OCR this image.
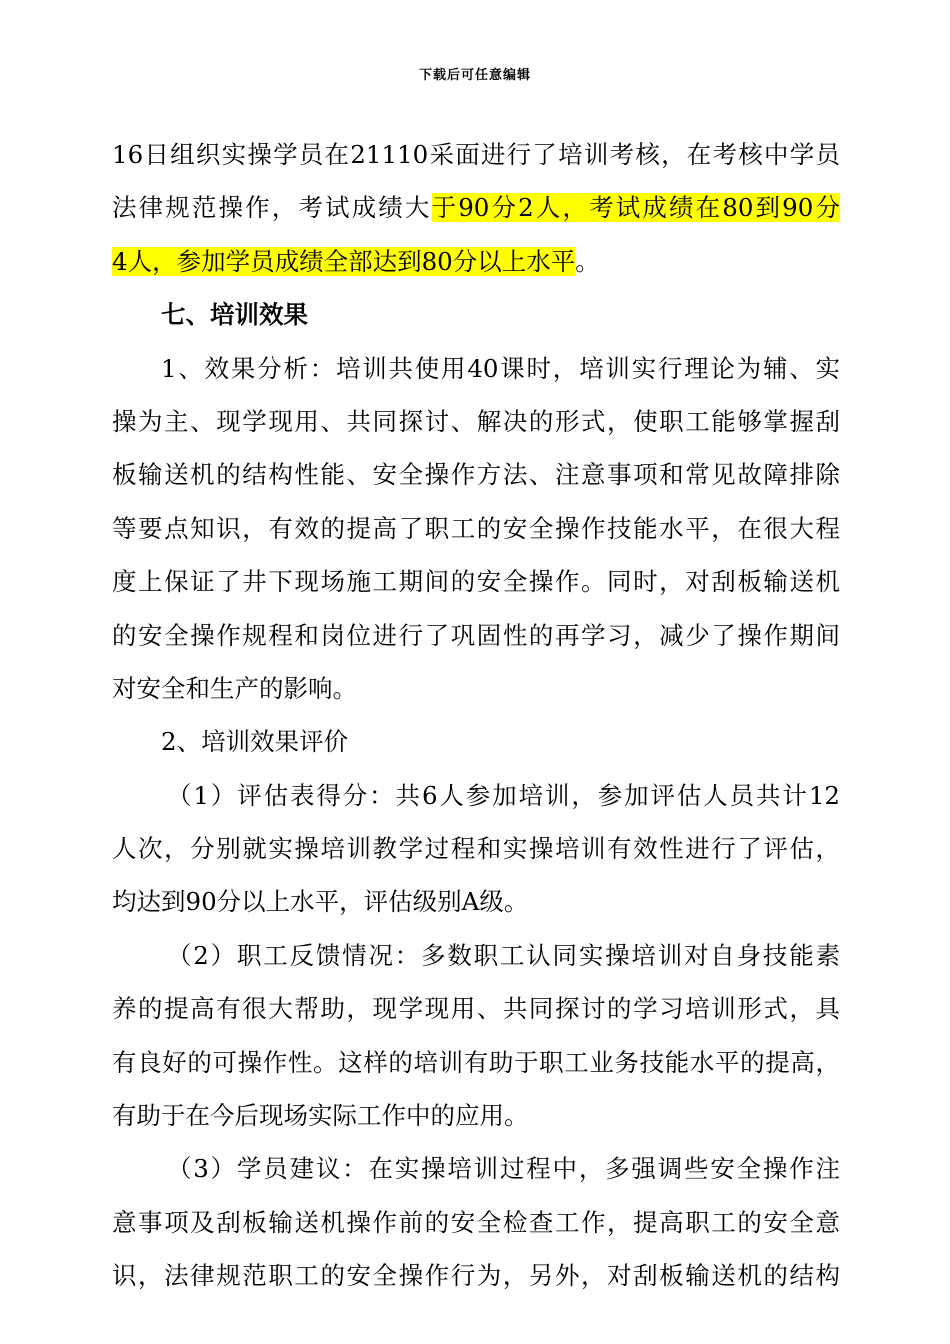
下载后可任意编辑
16日组织实操学员在21110采面进行了培训考核，在考核中学员
法律规范操作，考试成绩大于90分2人，考试成绩在80到90分
4人，参加学员成绩全部达到80分以上水平。
七、培训效果
1、效果分析：培训共使用40课时，培训实行理论为辅、实
操为主、现学现用、共同探讨、解决的形式，使职工能够掌握刮
板输送机的结构性能、安全操作方法、注意事项和常见故障排除
等要点知识，有效的提高了职工的安全操作技能水平，在很大程
度上保证了井下现场施工期间的安全操作。同时，对刮板输送机
的安全操作规程和岗位进行了巩固性的再学习，减少了操作期间
对安全和生产的影响。
2、培训效果评价
（1）评估表得分：共6人参加培训，参加评估人员共计12
人次，分别就实操培训教学过程和实操培训有效性进行了评估，
均达到90分以上水平，评估级别A级。
（2）职工反馈情况：多数职工认同实操培训对自身技能素
养的提高有很大帮助，现学现用、共同探讨的学习培训形式，具
有良好的可操作性。这样的培训有助于职工业务技能水平的提高，
有助于在今后现场实际工作中的应用。
（3）学员建议：在实操培训过程中，多强调些安全操作注
意事项及刮板输送机操作前的安全检查工作，提高职工的安全意
识，法律规范职工的安全操作行为，另外，对刮板输送机的结构
